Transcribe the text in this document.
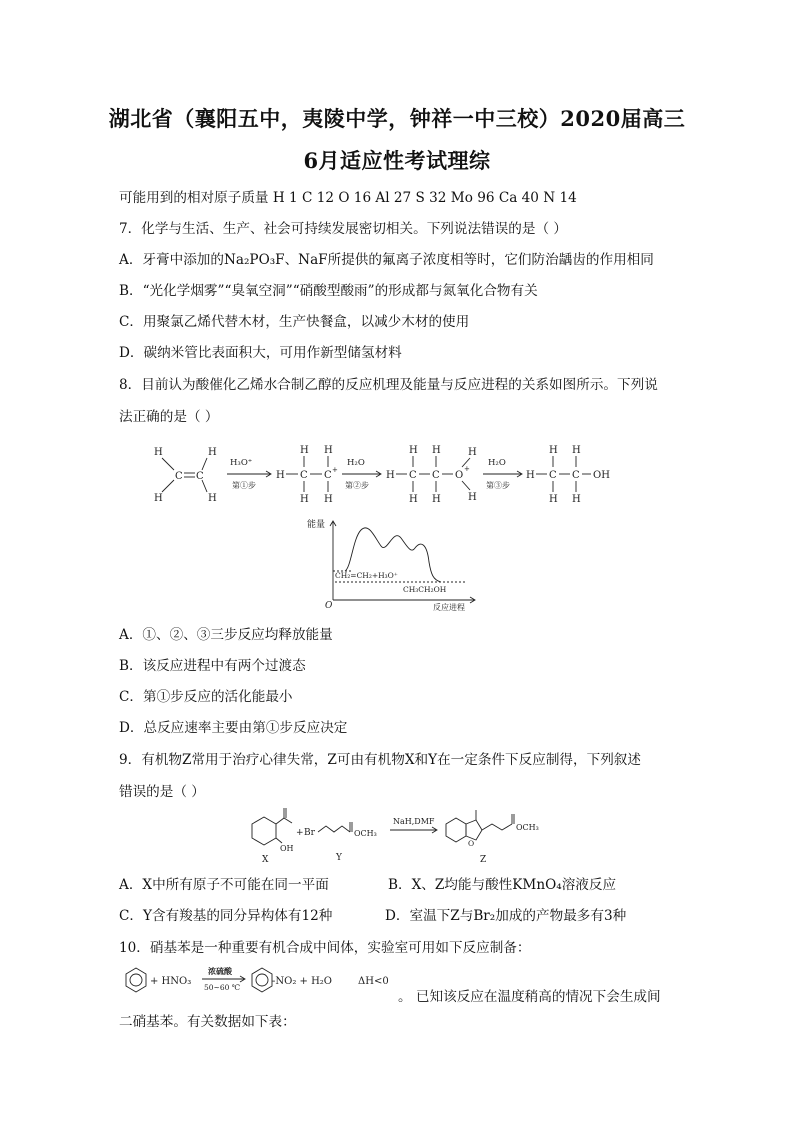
湖北省（襄阳五中，夷陵中学，钟祥一中三校）2020届高三
6月适应性考试理综
可能用到的相对原子质量 H 1 C 12 O 16 Al 27 S 32 Mo 96 Ca 40 N 14
7．化学与生活、生产、社会可持续发展密切相关。下列说法错误的是（ ）
A．牙膏中添加的Na₂PO₃F、NaF所提供的氟离子浓度相等时，它们防治龋齿的作用相同
B．“光化学烟雾”“臭氧空洞”“硝酸型酸雨”的形成都与氮氧化合物有关
C．用聚氯乙烯代替木材，生产快餐盒，以减少木材的使用
D．碳纳米管比表面积大，可用作新型储氢材料
8．目前认为酸催化乙烯水合制乙醇的反应机理及能量与反应进程的关系如图所示。下列说
法正确的是（ ）
H	H
H	H
C C
H₃O⁺
第①步
H C C +
H H
H H
H₂O
第②步
H C C O
+
H H
H H
H
H
H₂O
第③步
H C C OH
H H
H H
能量
O	反应进程
CH₂=CH₂+H₃O⁺
CH₃CH₂OH
A．①、②、③三步反应均释放能量
B．该反应进程中有两个过渡态
C．第①步反应的活化能最小
D．总反应速率主要由第①步反应决定
9．有机物Z常用于治疗心律失常，Z可由有机物X和Y在一定条件下反应制得，下列叙述
错误的是（ ）
OH
X
+ Br	OCH₃
Y
NaH,DMF
O
OCH₃
Z
A．X中所有原子不可能在同一平面	B．X、Z均能与酸性KMnO₄溶液反应
C．Y含有羧基的同分异构体有12种	D．室温下Z与Br₂加成的产物最多有3种
10．硝基苯是一种重要有机合成中间体，实验室可用如下反应制备：
+ HNO₃
浓硫酸
50~60 ℃
-NO₂ + H₂O	ΔH<0
。 已知该反应在温度稍高的情况下会生成间
二硝基苯。有关数据如下表：
